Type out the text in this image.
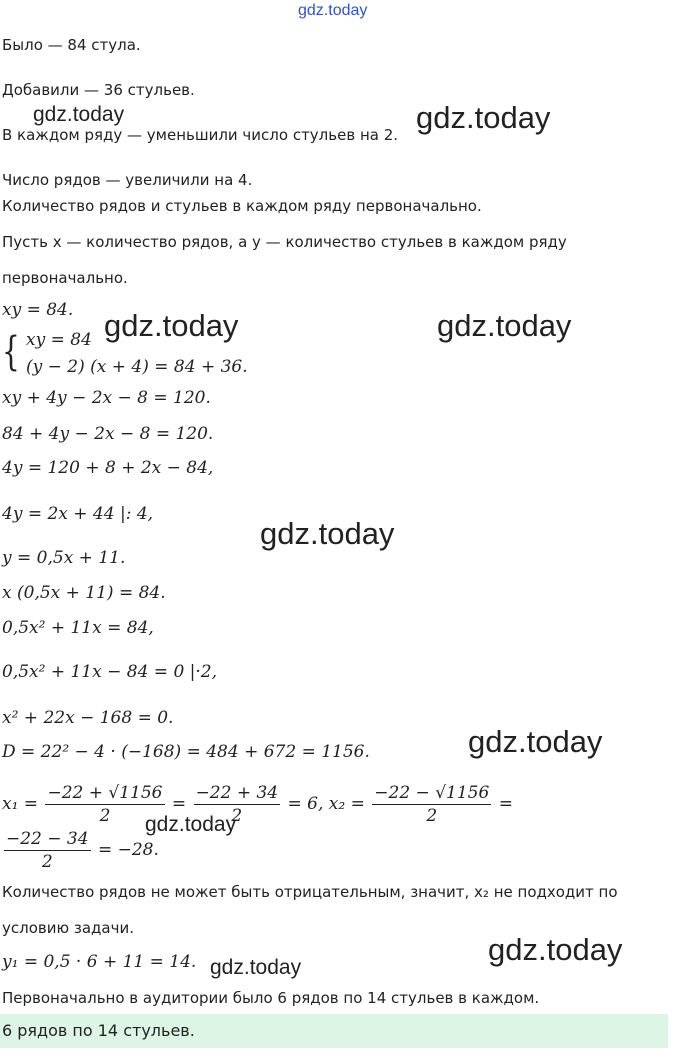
gdz.today
gdz.today	gdz.today
gdz.today	gdz.today
gdz.today
gdz.today
gdz.today
gdz.today
gdz.today
Было — 84 стула.
Добавили — 36 стульев.
В каждом ряду — уменьшили число стульев на 2.
Число рядов — увеличили на 4.
Количество рядов и стульев в каждом ряду первоначально.
Пусть x — количество рядов, а y — количество стульев в каждом ряду
первоначально.
xy = 84.
{ xy = 84
(y − 2) (x + 4) = 84 + 36.
xy + 4y − 2x − 8 = 120.
84 + 4y − 2x − 8 = 120.
4y = 120 + 8 + 2x − 84,
4y = 2x + 44 |: 4,
y = 0,5x + 11.
x (0,5x + 11) = 84.
0,5x² + 11x = 84,
0,5x² + 11x − 84 = 0 |·2,
x² + 22x − 168 = 0.
D = 22² − 4 · (−168) = 484 + 672 = 1156.
$x_1 = \frac{-22 + √1156}{2} = \frac{-22 + 34}{2} = 6$, $x_2 = \frac{-22 - √1156}{2}$ =
$\frac{-22 - 34}{2} = -28$.
Количество рядов не может быть отрицательным, значит, x₂ не подходит по
условию задачи.
y₁ = 0,5 · 6 + 11 = 14.
Первоначально в аудитории было 6 рядов по 14 стульев в каждом.
6 рядов по 14 стульев.
